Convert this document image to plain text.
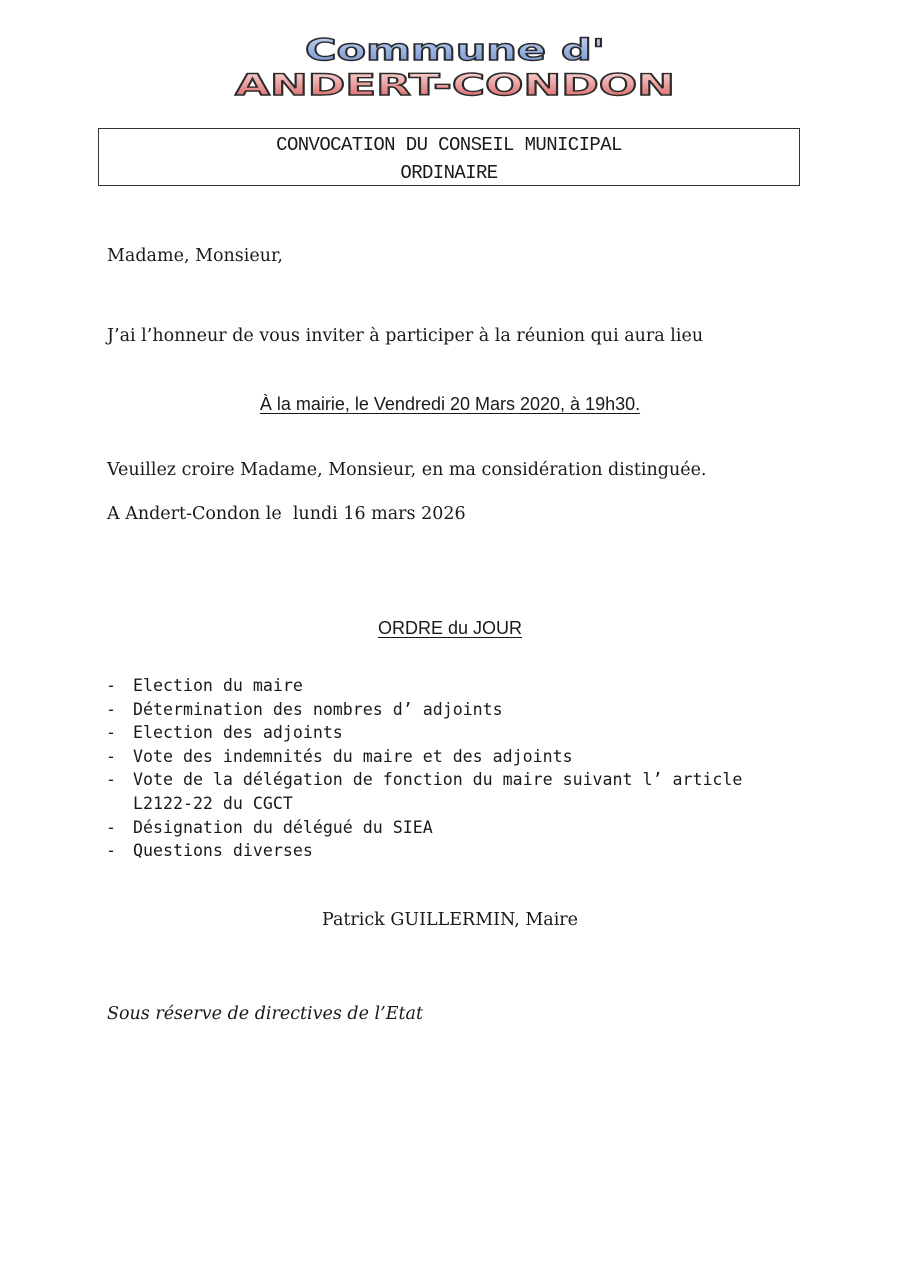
Commune d'
ANDERT-CONDON
CONVOCATION DU CONSEIL MUNICIPAL
ORDINAIRE
Madame, Monsieur,
J’ai l’honneur de vous inviter à participer à la réunion qui aura lieu
À la mairie, le Vendredi 20 Mars 2020, à 19h30.
Veuillez croire Madame, Monsieur, en ma considération distinguée.
A Andert-Condon le  lundi 16 mars 2026
ORDRE du JOUR
-	Election du maire
-	Détermination des nombres d’ adjoints
-	Election des adjoints
-	Vote des indemnités du maire et des adjoints
-	Vote de la délégation de fonction du maire suivant l’ article L2122-22 du CGCT
-	Désignation du délégué du SIEA
-	Questions diverses
Patrick GUILLERMIN, Maire
Sous réserve de directives de l’Etat
